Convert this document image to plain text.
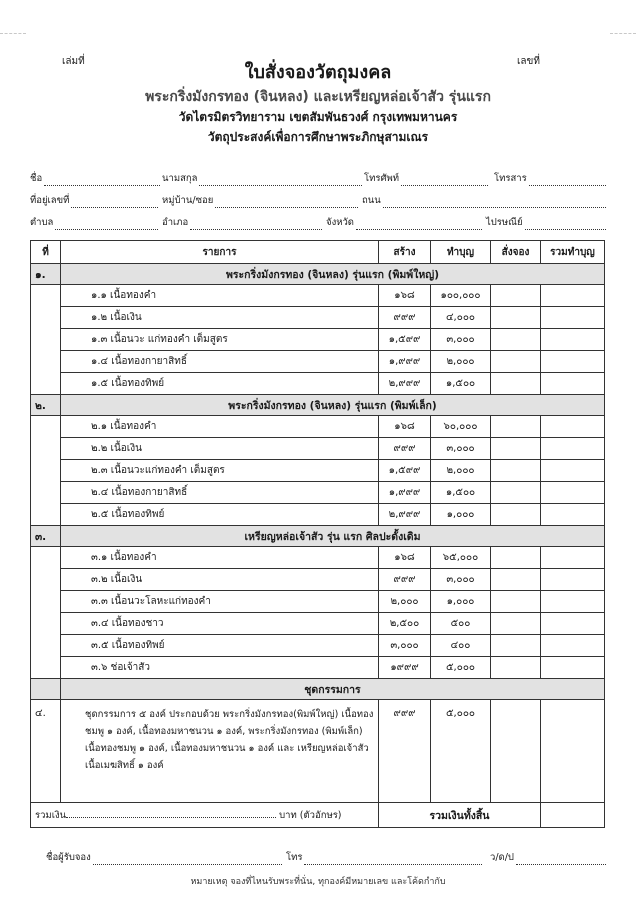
เล่มที่	เลขที่
ใบสั่งจองวัตถุมงคล
พระกริ่งมังกรทอง (จินหลง) และเหรียญหล่อเจ้าสัว รุ่นแรก
วัดไตรมิตรวิทยาราม เขตสัมพันธวงศ์ กรุงเทพมหานคร
วัตถุประสงค์เพื่อการศึกษาพระภิกษุสามเณร
ชื่อ	นามสกุล	โทรศัพท์	โทรสาร
ที่อยู่เลขที่	หมู่บ้าน/ซอย	ถนน
ตำบล	อำเภอ	จังหวัด	ไปรษณีย์
ที่	รายการ	สร้าง	ทำบุญ	สั่งจอง	รวมทำบุญ
๑.	พระกริ่งมังกรทอง (จินหลง) รุ่นแรก (พิมพ์ใหญ่)				
	๑.๑ เนื้อทองคำ	๑๖๘	๑๐๐,๐๐๐		
	๑.๒ เนื้อเงิน	๙๙๙	๔,๐๐๐		
	๑.๓ เนื้อนวะ แก่ทองคำ เต็มสูตร	๑,๕๙๙	๓,๐๐๐		
	๑.๔ เนื้อทองกายาสิทธิ์	๑,๙๙๙	๒,๐๐๐		
	๑.๕ เนื้อทองทิพย์	๒,๙๙๙	๑,๕๐๐		
๒.	พระกริ่งมังกรทอง (จินหลง) รุ่นแรก (พิมพ์เล็ก)				
	๒.๑ เนื้อทองคำ	๑๖๘	๖๐,๐๐๐		
	๒.๒ เนื้อเงิน	๙๙๙	๓,๐๐๐		
	๒.๓ เนื้อนวะแก่ทองคำ เต็มสูตร	๑,๕๙๙	๒,๐๐๐		
	๒.๔ เนื้อทองกายาสิทธิ์	๑,๙๙๙	๑,๕๐๐		
	๒.๕ เนื้อทองทิพย์	๒,๙๙๙	๑,๐๐๐		
๓.	เหรียญหล่อเจ้าสัว รุ่น แรก ศิลปะดั้งเดิม				
	๓.๑ เนื้อทองคำ	๑๖๘	๖๕,๐๐๐		
	๓.๒ เนื้อเงิน	๙๙๙	๓,๐๐๐		
	๓.๓ เนื้อนวะโลหะแก่ทองคำ	๒,๐๐๐	๑,๐๐๐		
	๓.๔ เนื้อทองชาว	๒,๕๐๐	๕๐๐		
	๓.๕ เนื้อทองทิพย์	๓,๐๐๐	๔๐๐		
	๓.๖ ช่อเจ้าสัว	๑๙๙๙	๕,๐๐๐		
	ชุดกรรมการ				
๔.	ชุดกรรมการ ๕ องค์ ประกอบด้วย พระกริ่งมังกรทอง(พิมพ์ใหญ่) เนื้อทองชมพู ๑ องค์, เนื้อทองมหาชนวน ๑ องค์, พระกริ่งมังกรทอง (พิมพ์เล็ก) เนื้อทองชมพู ๑ องค์, เนื้อทองมหาชนวน ๑ องค์ และ เหรียญหล่อเจ้าสัว เนื้อเมฆสิทธิ์ ๑ องค์	๙๙๙	๕,๐๐๐		
รวมเงิน บาท (ตัวอักษร)		รวมเงินทั้งสิ้น			
ชื่อผู้รับจอง	โทร	ว/ด/ป
หมายเหตุ จองที่ไหนรับพระที่นั่น, ทุกองค์มีหมายเลข และโค้ดกำกับ
